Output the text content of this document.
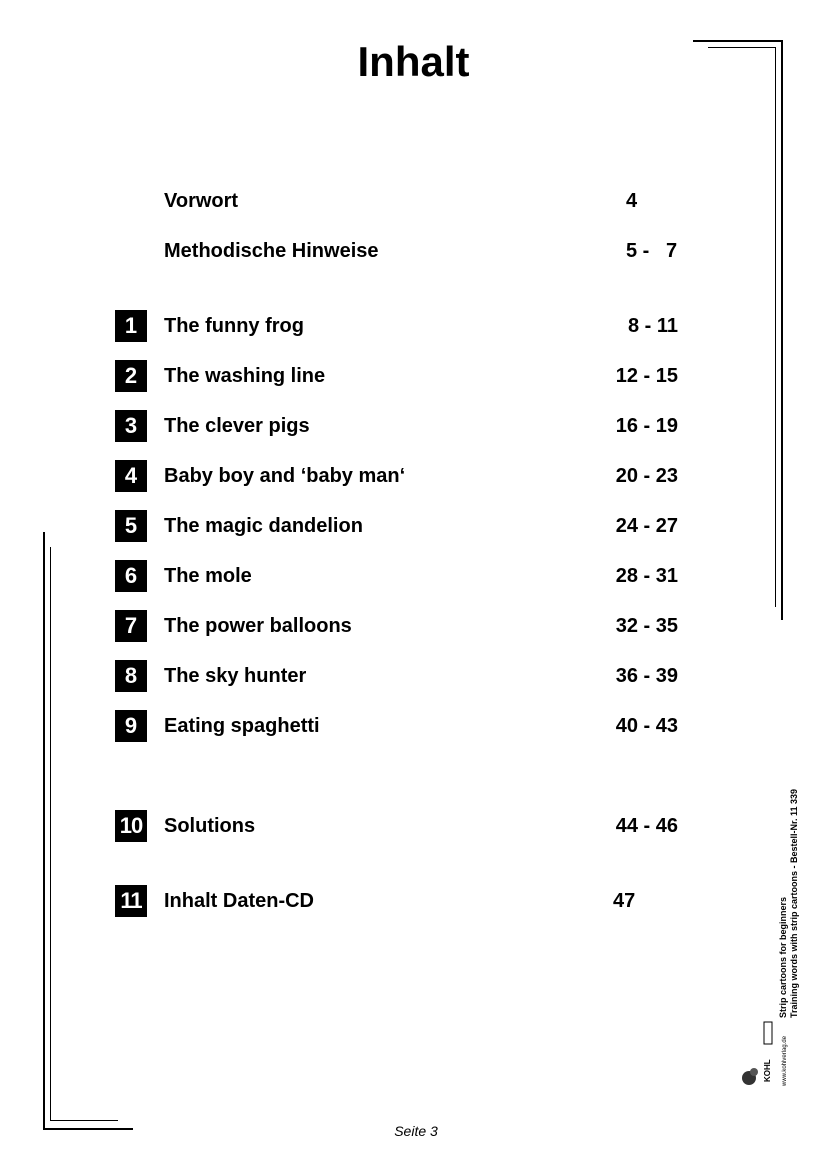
Inhalt
Vorwort	4
Methodische Hinweise	5 -   7
1	The funny frog	8 - 11
2	The washing line	12 - 15
3	The clever pigs	16 - 19
4	Baby boy and ‘baby man‘	20 - 23
5	The magic dandelion	24 - 27
6	The mole	28 - 31
7	The power balloons	32 - 35
8	The sky hunter	36 - 39
9	Eating spaghetti	40 - 43
10 Solutions	44 - 46
11 Inhalt Daten-CD	47	Strip cartoons for beginners Training words with strip cartoons - Bestell-Nr. 11 339
KOHL www.kohlverlag.de
Seite 3
